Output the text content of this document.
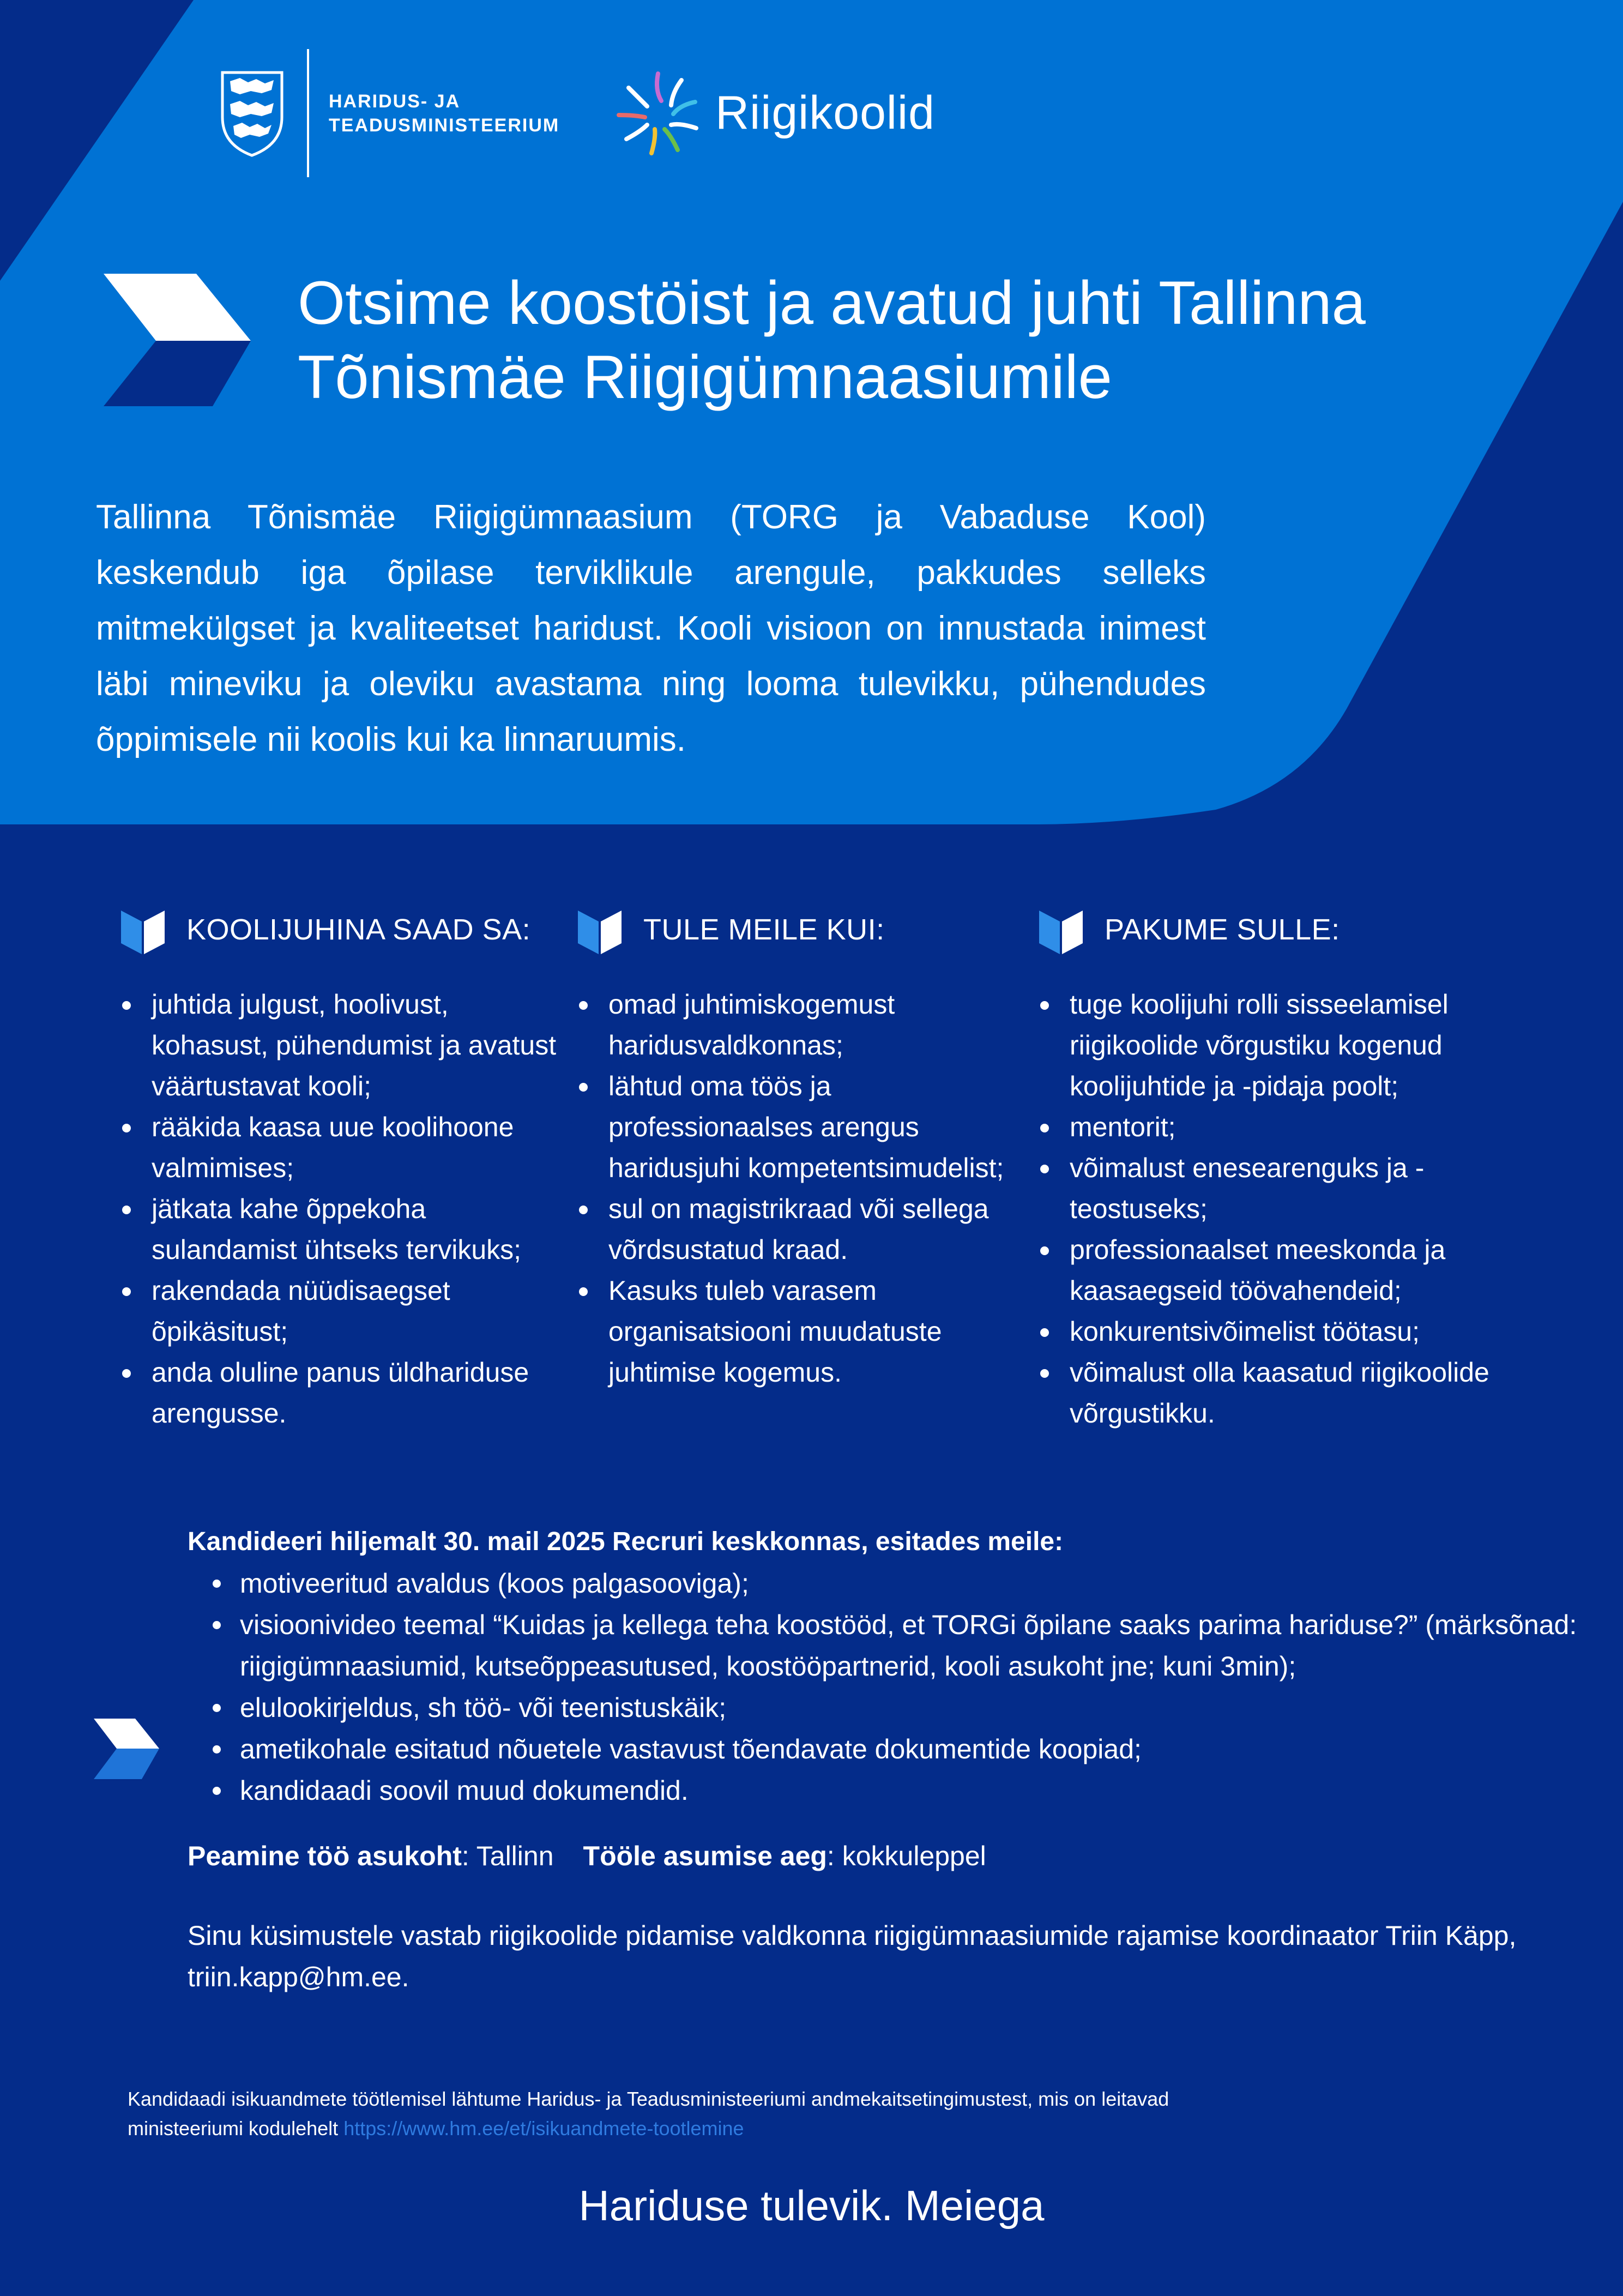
HARIDUS- JA
TEADUSMINISTEERIUM	Riigikoolid
Otsime koostöist ja avatud juhti Tallinna Tõnismäe Riigigümnaasiumile

Tallinna Tõnismäe Riigigümnaasium (TORG ja Vabaduse Kool) keskendub iga õpilase terviklikule arengule, pakkudes selleks mitmekülgset ja kvaliteetset haridust. Kooli visioon on innustada inimest läbi mineviku ja oleviku avastama ning looma tulevikku, pühendudes õppimisele nii koolis kui ka linnaruumis.

KOOLIJUHINA SAAD SA:
juhtida julgust, hoolivust, kohasust, pühendumist ja avatust väärtustavat kooli;
rääkida kaasa uue koolihoone valmimises;
jätkata kahe õppekoha sulandamist ühtseks tervikuks;
rakendada nüüdisaegset õpikäsitust;
anda oluline panus üldhariduse arengusse.
TULE MEILE KUI:
omad juhtimiskogemust haridusvaldkonnas;
lähtud oma töös ja professionaalses arengus haridusjuhi kompetentsimudelist;
sul on magistrikraad või sellega võrdsustatud kraad.
Kasuks tuleb varasem organisatsiooni muudatuste juhtimise kogemus.
PAKUME SULLE:
tuge koolijuhi rolli sisseelamisel riigikoolide võrgustiku kogenud koolijuhtide ja -pidaja poolt;
mentorit;
võimalust enesearenguks ja -teostuseks;
professionaalset meeskonda ja kaasaegseid töövahendeid;
konkurentsivõimelist töötasu;
võimalust olla kaasatud riigikoolide võrgustikku.

Kandideeri hiljemalt 30. mail 2025 Recruri keskkonnas, esitades meile:

motiveeritud avaldus (koos palgasooviga);
visioonivideo teemal “Kuidas ja kellega teha koostööd, et TORGi õpilane saaks parima hariduse?” (märksõnad: riigigümnaasiumid, kutseõppeasutused, koostööpartnerid, kooli asukoht jne; kuni 3min);
elulookirjeldus, sh töö- või teenistuskäik;
ametikohale esitatud nõuetele vastavust tõendavate dokumentide koopiad;
kandidaadi soovil muud dokumendid.
Peamine töö asukoht: Tallinn Tööle asumise aeg: kokkuleppel

Sinu küsimustele vastab riigikoolide pidamise valdkonna riigigümnaasiumide rajamise koordinaator Triin Käpp, triin.kapp@hm.ee.

Kandidaadi isikuandmete töötlemisel lähtume Haridus- ja Teadusministeeriumi andmekaitsetingimustest, mis on leitavad ministeeriumi kodulehelt https://www.hm.ee/et/isikuandmete-tootlemine

Hariduse tulevik. Meiega
